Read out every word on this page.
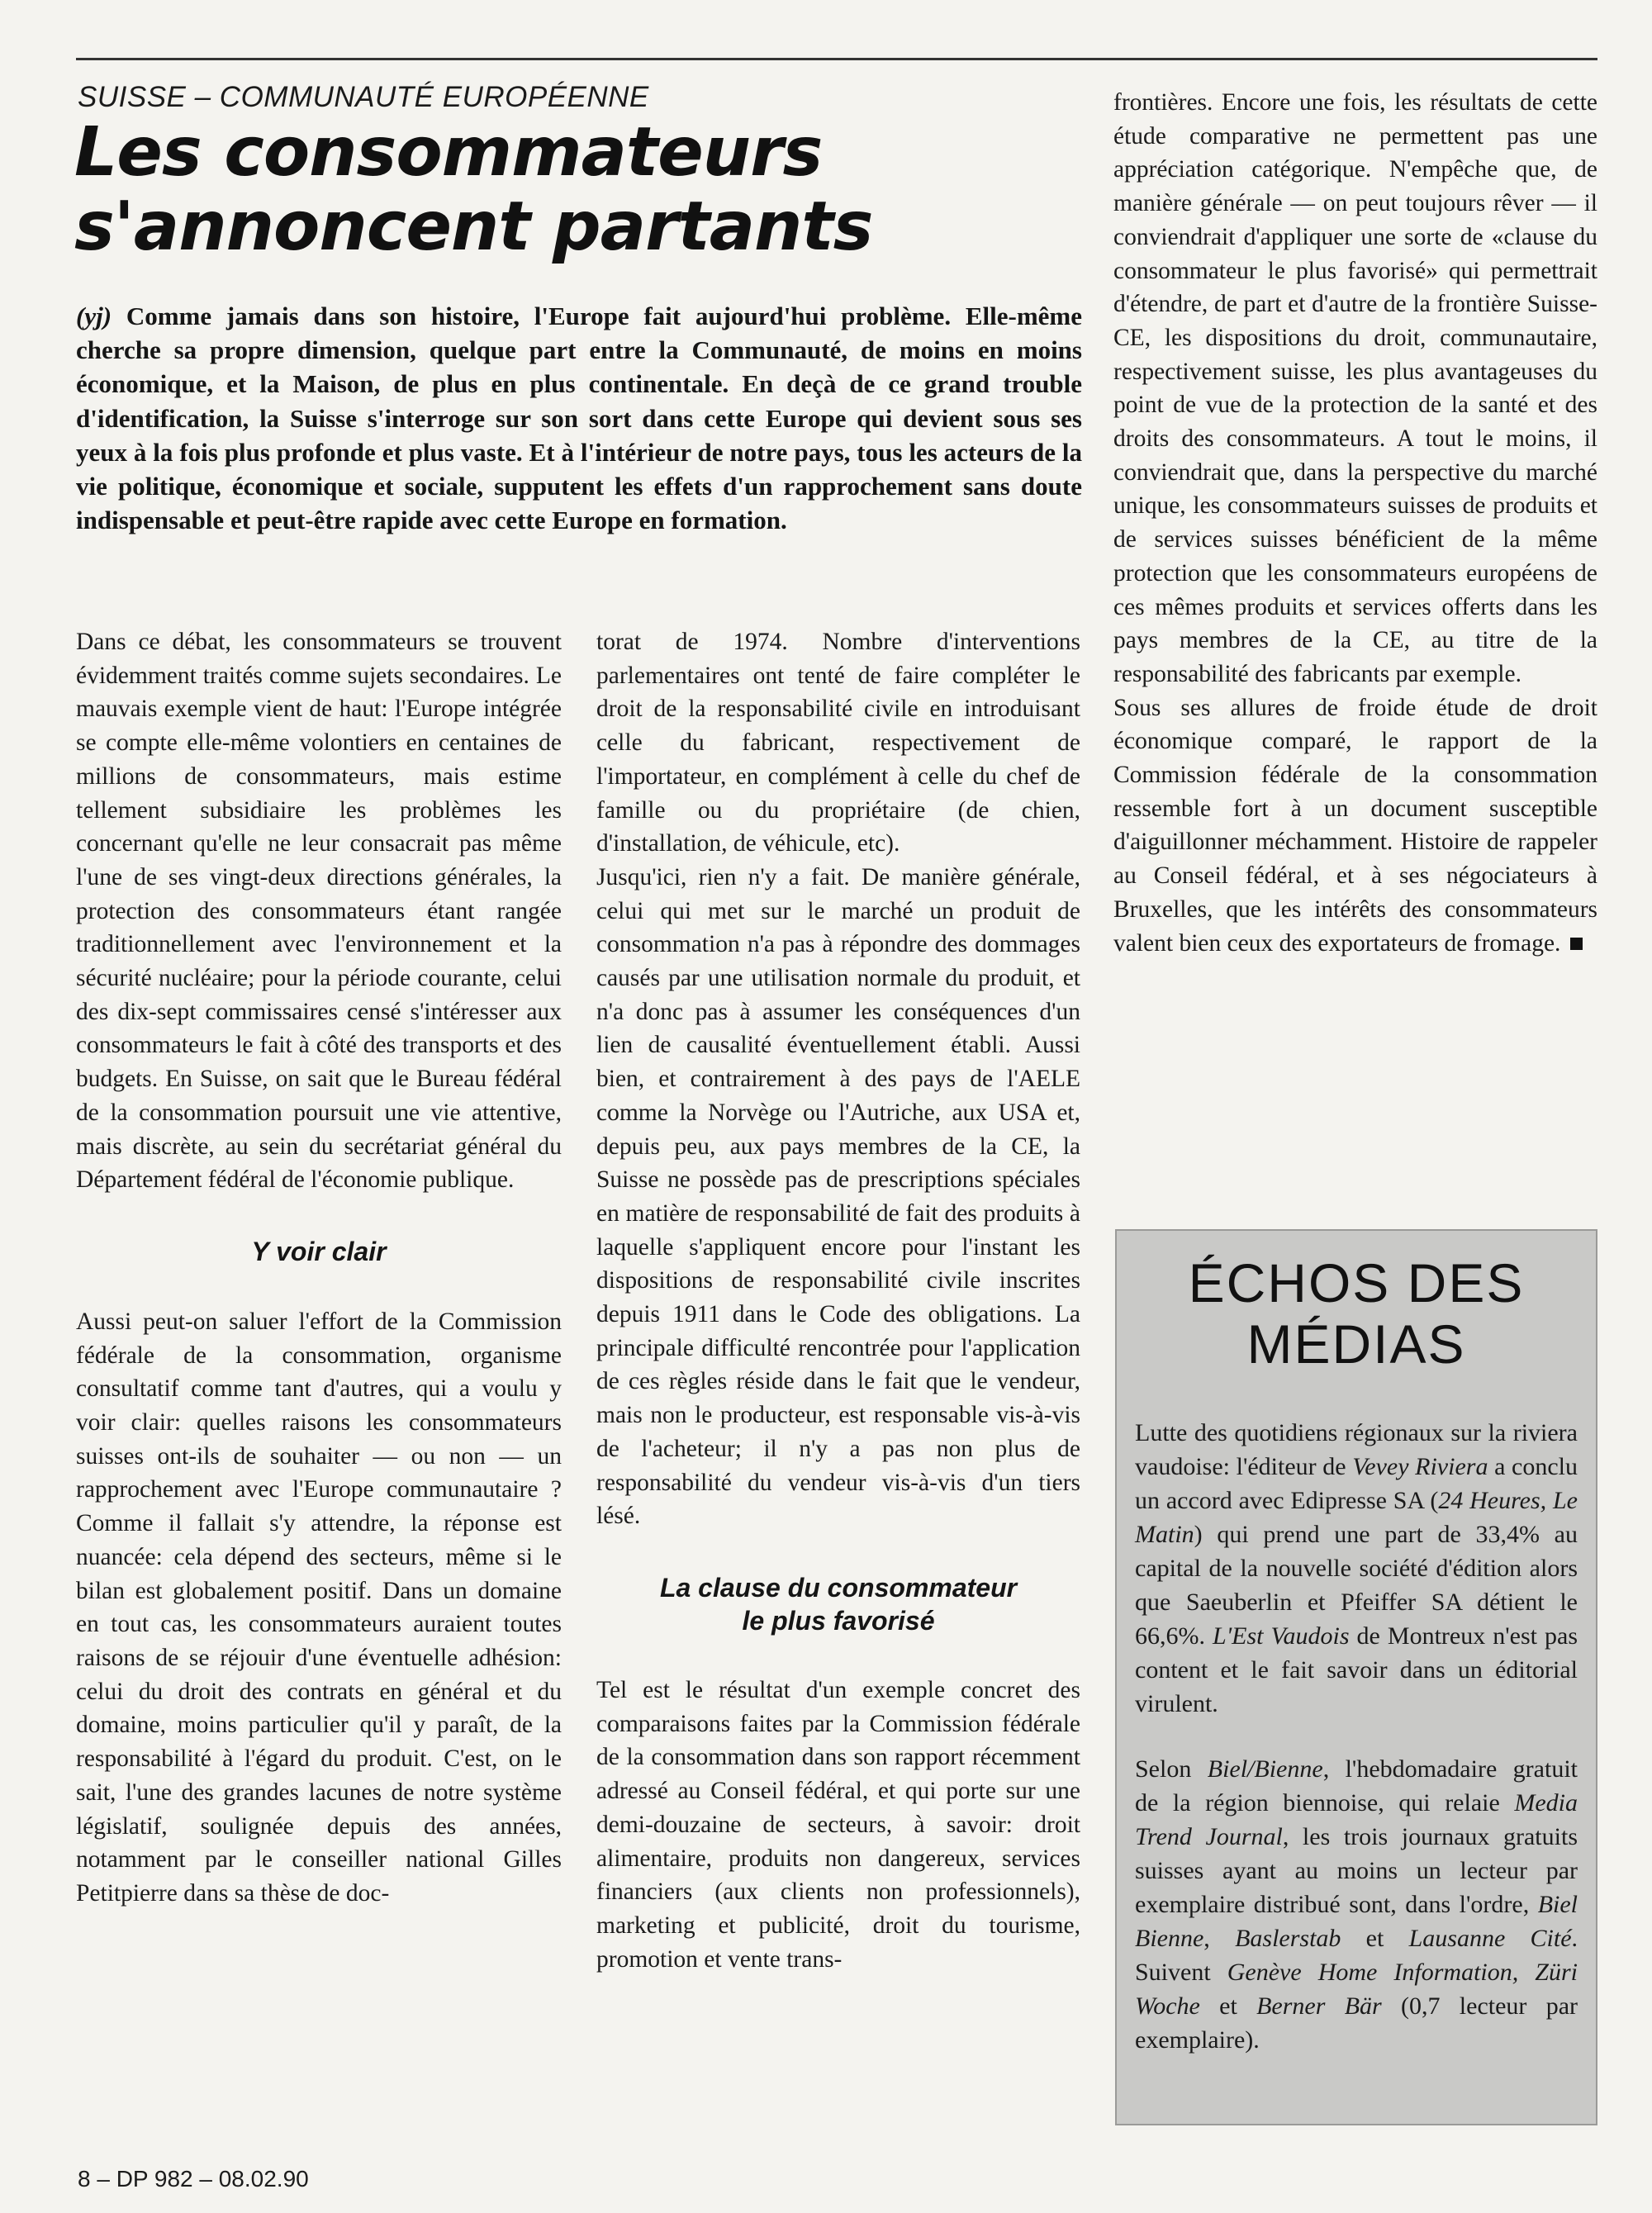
SUISSE – COMMUNAUTÉ EUROPÉENNE
Les consommateurs s'annoncent partants
(yj) Comme jamais dans son histoire, l'Europe fait aujourd'hui problème. Elle-même cherche sa propre dimension, quelque part entre la Communauté, de moins en moins économique, et la Maison, de plus en plus continentale. En deçà de ce grand trouble d'identification, la Suisse s'interroge sur son sort dans cette Europe qui devient sous ses yeux à la fois plus profonde et plus vaste. Et à l'intérieur de notre pays, tous les acteurs de la vie politique, économique et sociale, supputent les effets d'un rapprochement sans doute indispensable et peut-être rapide avec cette Europe en formation.

Dans ce débat, les consommateurs se trouvent évidemment traités comme sujets secondaires. Le mauvais exemple vient de haut: l'Europe intégrée se compte elle-même volontiers en centaines de millions de consommateurs, mais estime tellement subsidiaire les problèmes les concernant qu'elle ne leur consacrait pas même l'une de ses vingt-deux directions générales, la protection des consommateurs étant rangée traditionnellement avec l'environnement et la sécurité nucléaire; pour la période courante, celui des dix-sept commissaires censé s'intéresser aux consommateurs le fait à côté des transports et des budgets. En Suisse, on sait que le Bureau fédéral de la consommation poursuit une vie attentive, mais discrète, au sein du secrétariat général du Département fédéral de l'économie publique.

Y voir clair

Aussi peut-on saluer l'effort de la Commission fédérale de la consommation, organisme consultatif comme tant d'autres, qui a voulu y voir clair: quelles raisons les consommateurs suisses ont-ils de souhaiter — ou non — un rapprochement avec l'Europe communautaire ? Comme il fallait s'y attendre, la réponse est nuancée: cela dépend des secteurs, même si le bilan est globalement positif. Dans un domaine en tout cas, les consommateurs auraient toutes raisons de se réjouir d'une éventuelle adhésion: celui du droit des contrats en général et du domaine, moins particulier qu'il y paraît, de la responsabilité à l'égard du produit. C'est, on le sait, l'une des grandes lacunes de notre système législatif, soulignée depuis des années, notamment par le conseiller national Gilles Petitpierre dans sa thèse de doc-

torat de 1974. Nombre d'interventions parlementaires ont tenté de faire compléter le droit de la responsabilité civile en introduisant celle du fabricant, respectivement de l'importateur, en complément à celle du chef de famille ou du propriétaire (de chien, d'installation, de véhicule, etc).

Jusqu'ici, rien n'y a fait. De manière générale, celui qui met sur le marché un produit de consommation n'a pas à répondre des dommages causés par une utilisation normale du produit, et n'a donc pas à assumer les conséquences d'un lien de causalité éventuellement établi. Aussi bien, et contrairement à des pays de l'AELE comme la Norvège ou l'Autriche, aux USA et, depuis peu, aux pays membres de la CE, la Suisse ne possède pas de prescriptions spéciales en matière de responsabilité de fait des produits à laquelle s'appliquent encore pour l'instant les dispositions de responsabilité civile inscrites depuis 1911 dans le Code des obligations. La principale difficulté rencontrée pour l'application de ces règles réside dans le fait que le vendeur, mais non le producteur, est responsable vis-à-vis de l'acheteur; il n'y a pas non plus de responsabilité du vendeur vis-à-vis d'un tiers lésé.

La clause du consommateur
le plus favorisé

Tel est le résultat d'un exemple concret des comparaisons faites par la Commission fédérale de la consommation dans son rapport récemment adressé au Conseil fédéral, et qui porte sur une demi-douzaine de secteurs, à savoir: droit alimentaire, produits non dangereux, services financiers (aux clients non professionnels), marketing et publicité, droit du tourisme, promotion et vente trans-

frontières. Encore une fois, les résultats de cette étude comparative ne permettent pas une appréciation catégorique. N'empêche que, de manière générale — on peut toujours rêver — il conviendrait d'appliquer une sorte de «clause du consommateur le plus favorisé» qui permettrait d'étendre, de part et d'autre de la frontière Suisse-CE, les dispositions du droit, communautaire, respectivement suisse, les plus avantageuses du point de vue de la protection de la santé et des droits des consommateurs. A tout le moins, il conviendrait que, dans la perspective du marché unique, les consommateurs suisses de produits et de services suisses bénéficient de la même protection que les consommateurs européens de ces mêmes produits et services offerts dans les pays membres de la CE, au titre de la responsabilité des fabricants par exemple.

Sous ses allures de froide étude de droit économique comparé, le rapport de la Commission fédérale de la consommation ressemble fort à un document susceptible d'aiguillonner méchamment. Histoire de rappeler au Conseil fédéral, et à ses négociateurs à Bruxelles, que les intérêts des consommateurs valent bien ceux des exportateurs de fromage.

ÉCHOS DES
MÉDIAS

Lutte des quotidiens régionaux sur la riviera vaudoise: l'éditeur de Vevey Riviera a conclu un accord avec Edipresse SA (24 Heures, Le Matin) qui prend une part de 33,4% au capital de la nouvelle société d'édition alors que Saeuberlin et Pfeiffer SA détient le 66,6%. L'Est Vaudois de Montreux n'est pas content et le fait savoir dans un éditorial virulent.

Selon Biel/Bienne, l'hebdomadaire gratuit de la région biennoise, qui relaie Media Trend Journal, les trois journaux gratuits suisses ayant au moins un lecteur par exemplaire distribué sont, dans l'ordre, Biel Bienne, Baslerstab et Lausanne Cité. Suivent Genève Home Information, Züri Woche et Berner Bär (0,7 lecteur par exemplaire).

8 – DP 982 – 08.02.90
